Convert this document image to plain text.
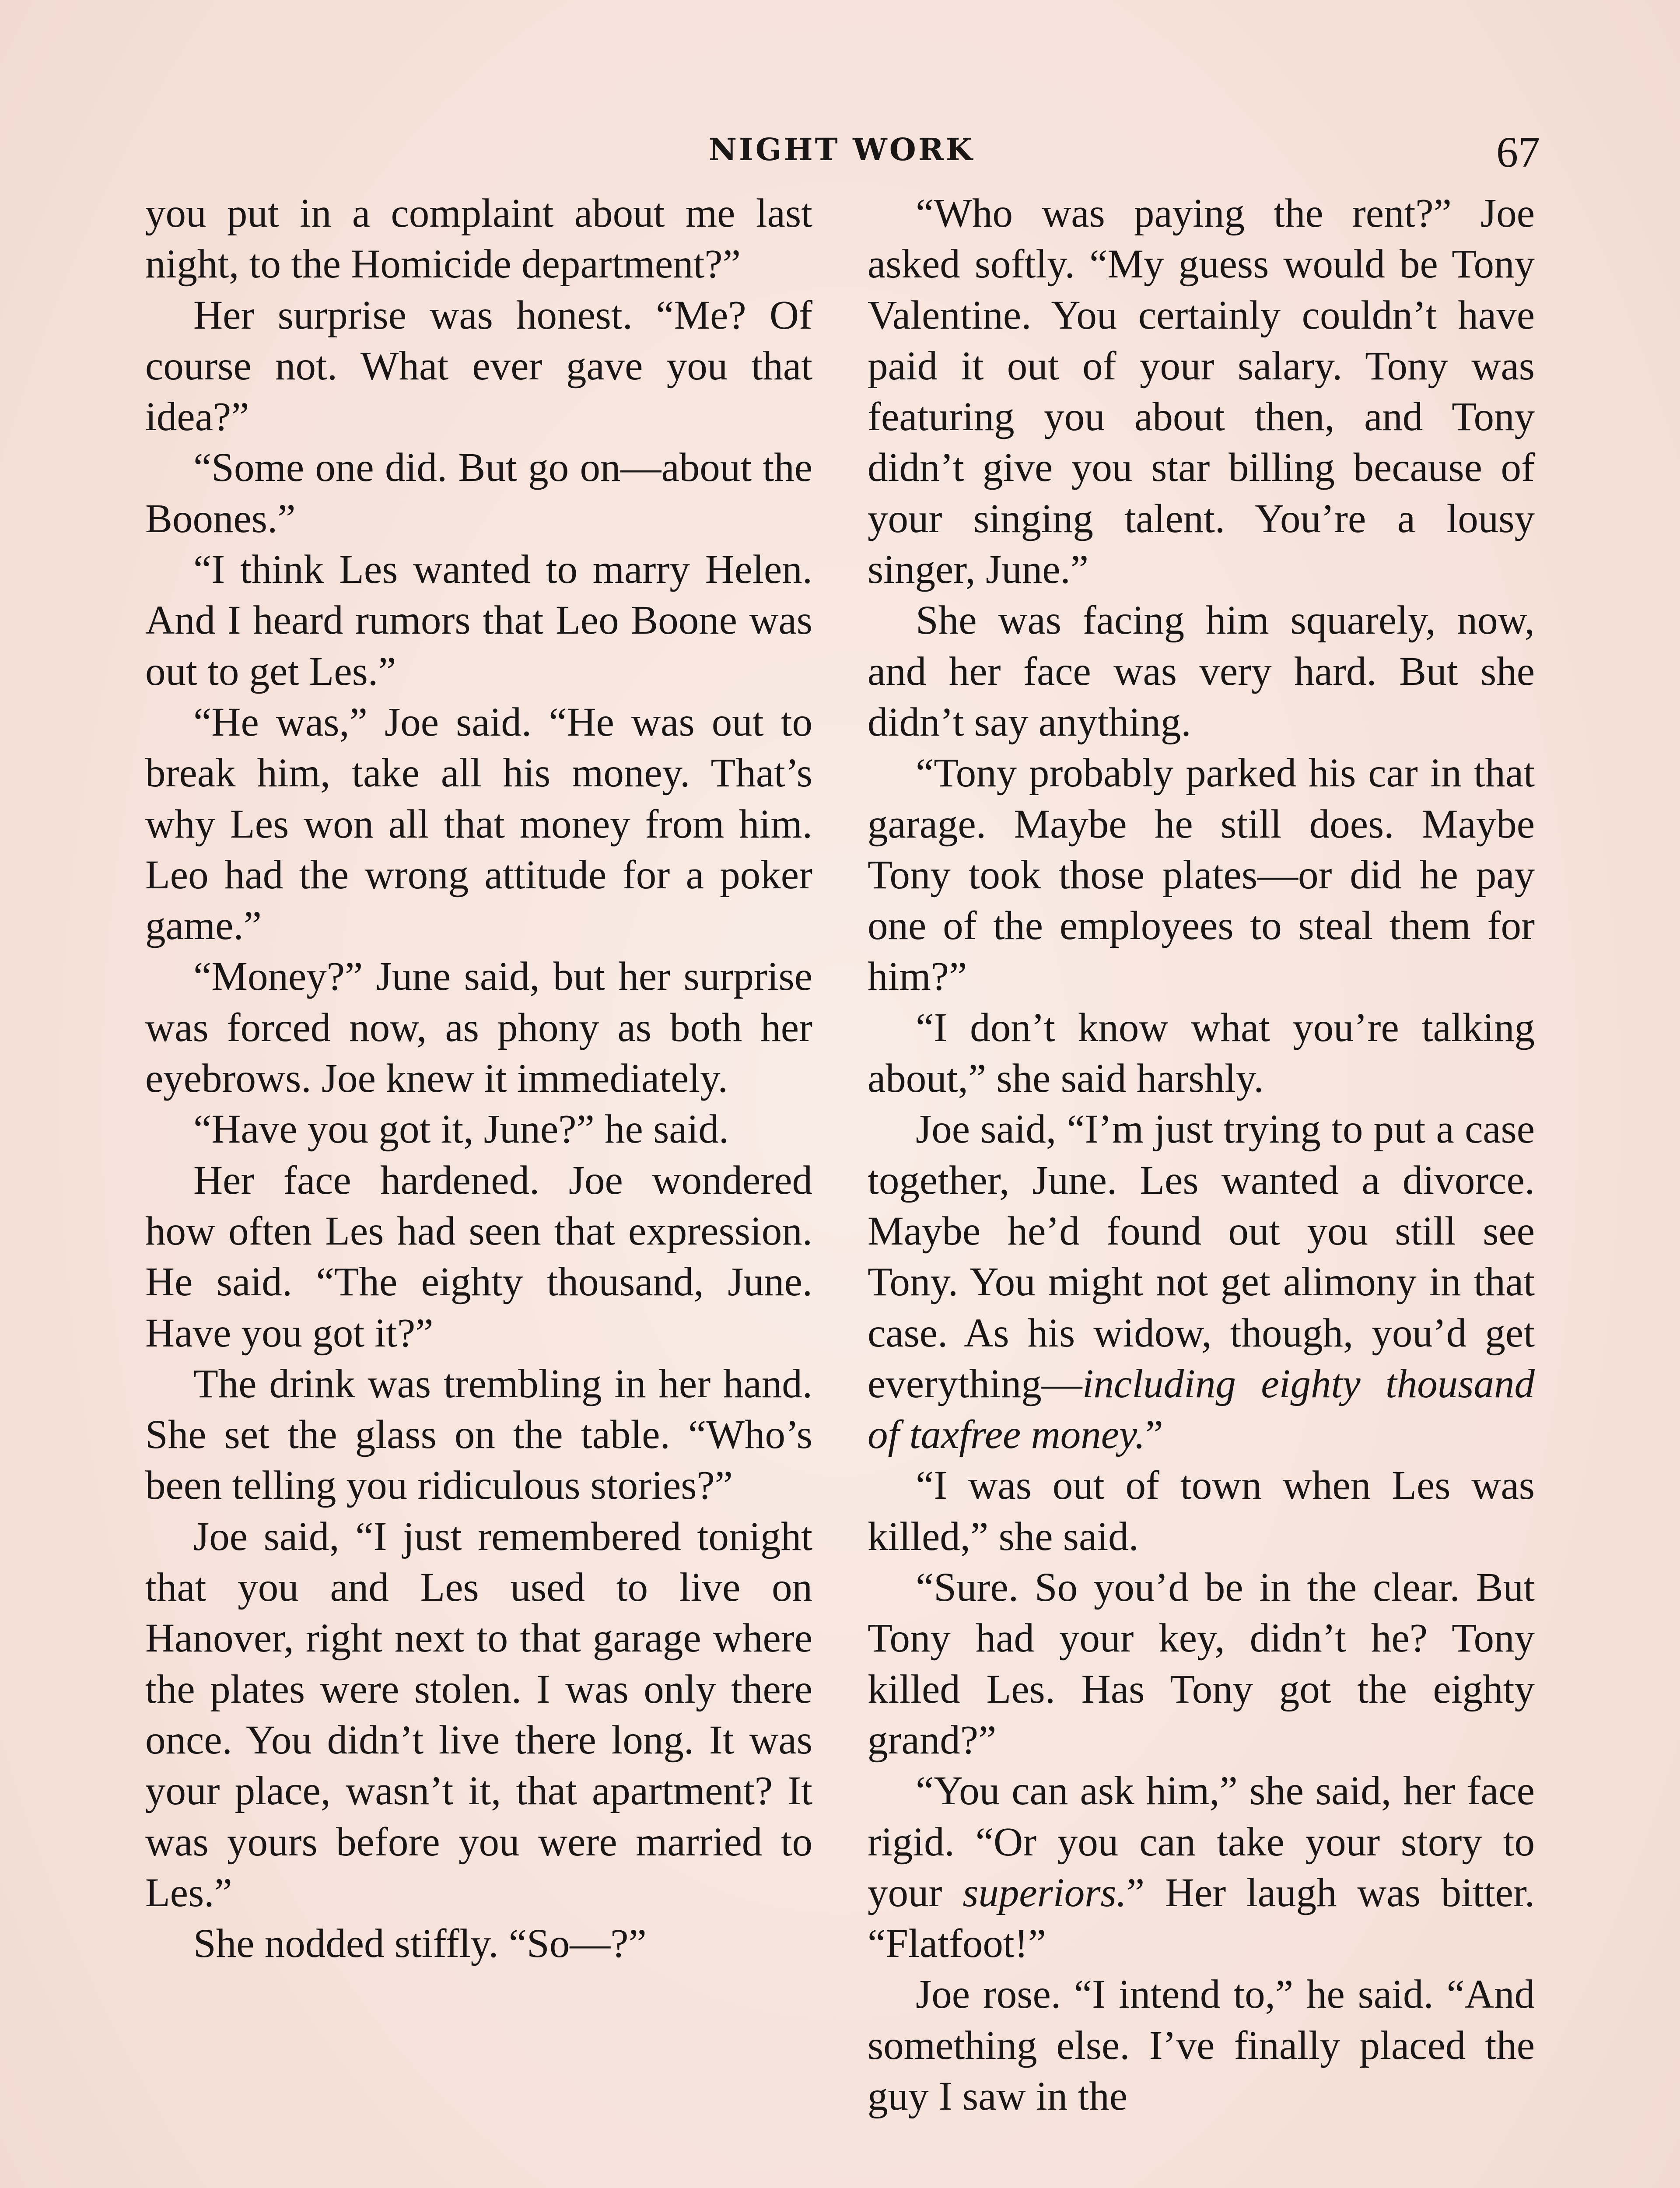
NIGHT WORK	67

you put in a complaint about me last night, to the Homicide department?”

Her surprise was honest. “Me? Of course not. What ever gave you that idea?”

“Some one did. But go on—about the Boones.”

“I think Les wanted to marry Helen. And I heard rumors that Leo Boone was out to get Les.”

“He was,” Joe said. “He was out to break him, take all his money. That’s why Les won all that money from him. Leo had the wrong attitude for a poker game.”

“Money?” June said, but her surprise was forced now, as phony as both her eyebrows. Joe knew it immediately.

“Have you got it, June?” he said.

Her face hardened. Joe wondered how often Les had seen that expression. He said. “The eighty thousand, June. Have you got it?”

The drink was trembling in her hand. She set the glass on the table. “Who’s been telling you ridiculous stories?”

Joe said, “I just remembered tonight that you and Les used to live on Hanover, right next to that garage where the plates were stolen. I was only there once. You didn’t live there long. It was your place, wasn’t it, that apartment? It was yours before you were married to Les.”

She nodded stiffly. “So—?”

“Who was paying the rent?” Joe asked softly. “My guess would be Tony Valentine. You certainly couldn’t have paid it out of your salary. Tony was featuring you about then, and Tony didn’t give you star billing because of your singing talent. You’re a lousy singer, June.”

She was facing him squarely, now, and her face was very hard. But she didn’t say anything.

“Tony probably parked his car in that garage. Maybe he still does. Maybe Tony took those plates—or did he pay one of the employees to steal them for him?”

“I don’t know what you’re talking about,” she said harshly.

Joe said, “I’m just trying to put a case together, June. Les wanted a divorce. Maybe he’d found out you still see Tony. You might not get alimony in that case. As his widow, though, you’d get everything—including eighty thousand of taxfree money.”

“I was out of town when Les was killed,” she said.

“Sure. So you’d be in the clear. But Tony had your key, didn’t he? Tony killed Les. Has Tony got the eighty grand?”

“You can ask him,” she said, her face rigid. “Or you can take your story to your superiors.” Her laugh was bitter. “Flatfoot!”

Joe rose. “I intend to,” he said. “And something else. I’ve finally placed the guy I saw in the
